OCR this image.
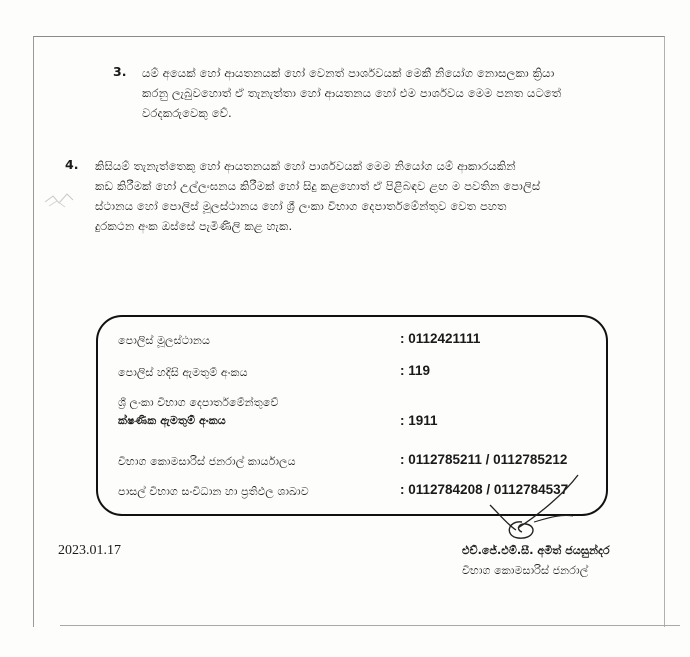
3. යම් අයෙක් හෝ ආයතනයක් හෝ වෙනත් පාර්ශවයක් මෙකී නියෝග නොසලකා ක්‍රියා
කරනු ලැබුවහොත් ඒ තැනැත්තා හෝ ආයතනය හෝ එම පාර්ශවය මෙම පනත යටතේ
වරදකරුවෙකු වේ.
4. කිසියම් තැනැත්තෙකු හෝ ආයතනයක් හෝ පාර්ශවයක් මෙම නියෝග යම් ආකාරයකින්
කඩ කිරීමක් හෝ උල්ලංඝනය කිරීමක් හෝ සිදු කළහොත් ඒ පිළිබඳව ළඟ ම පවතින පොලිස්
ස්ථානය හෝ පොලිස් මූලස්ථානය හෝ ශ්‍රී ලංකා විභාග දෙපාර්තමේන්තුව වෙත පහත
දුරකථන අංක ඔස්සේ පැමිණිලි කළ හැක.
පොලිස් මූලස්ථානය	: 0112421111
පොලිස් හදිසි ඇමතුම් අංකය	: 119
ශ්‍රී ලංකා විභාග දෙපාර්තමේන්තුවේ
ක්ෂණික ඇමතුම් අංකය	: 1911
විභාග කොමසාරිස් ජනරාල් කාර්යාලය	: 0112785211 / 0112785212
පාසල් විභාග සංවිධාන හා ප්‍රතිඵල ශාඛාව	: 0112784208 / 0112784537
2023.01.17	එච්.ජේ.එම්.සී. අමිත් ජයසුන්දර
විභාග කොමසාරිස් ජනරාල්
